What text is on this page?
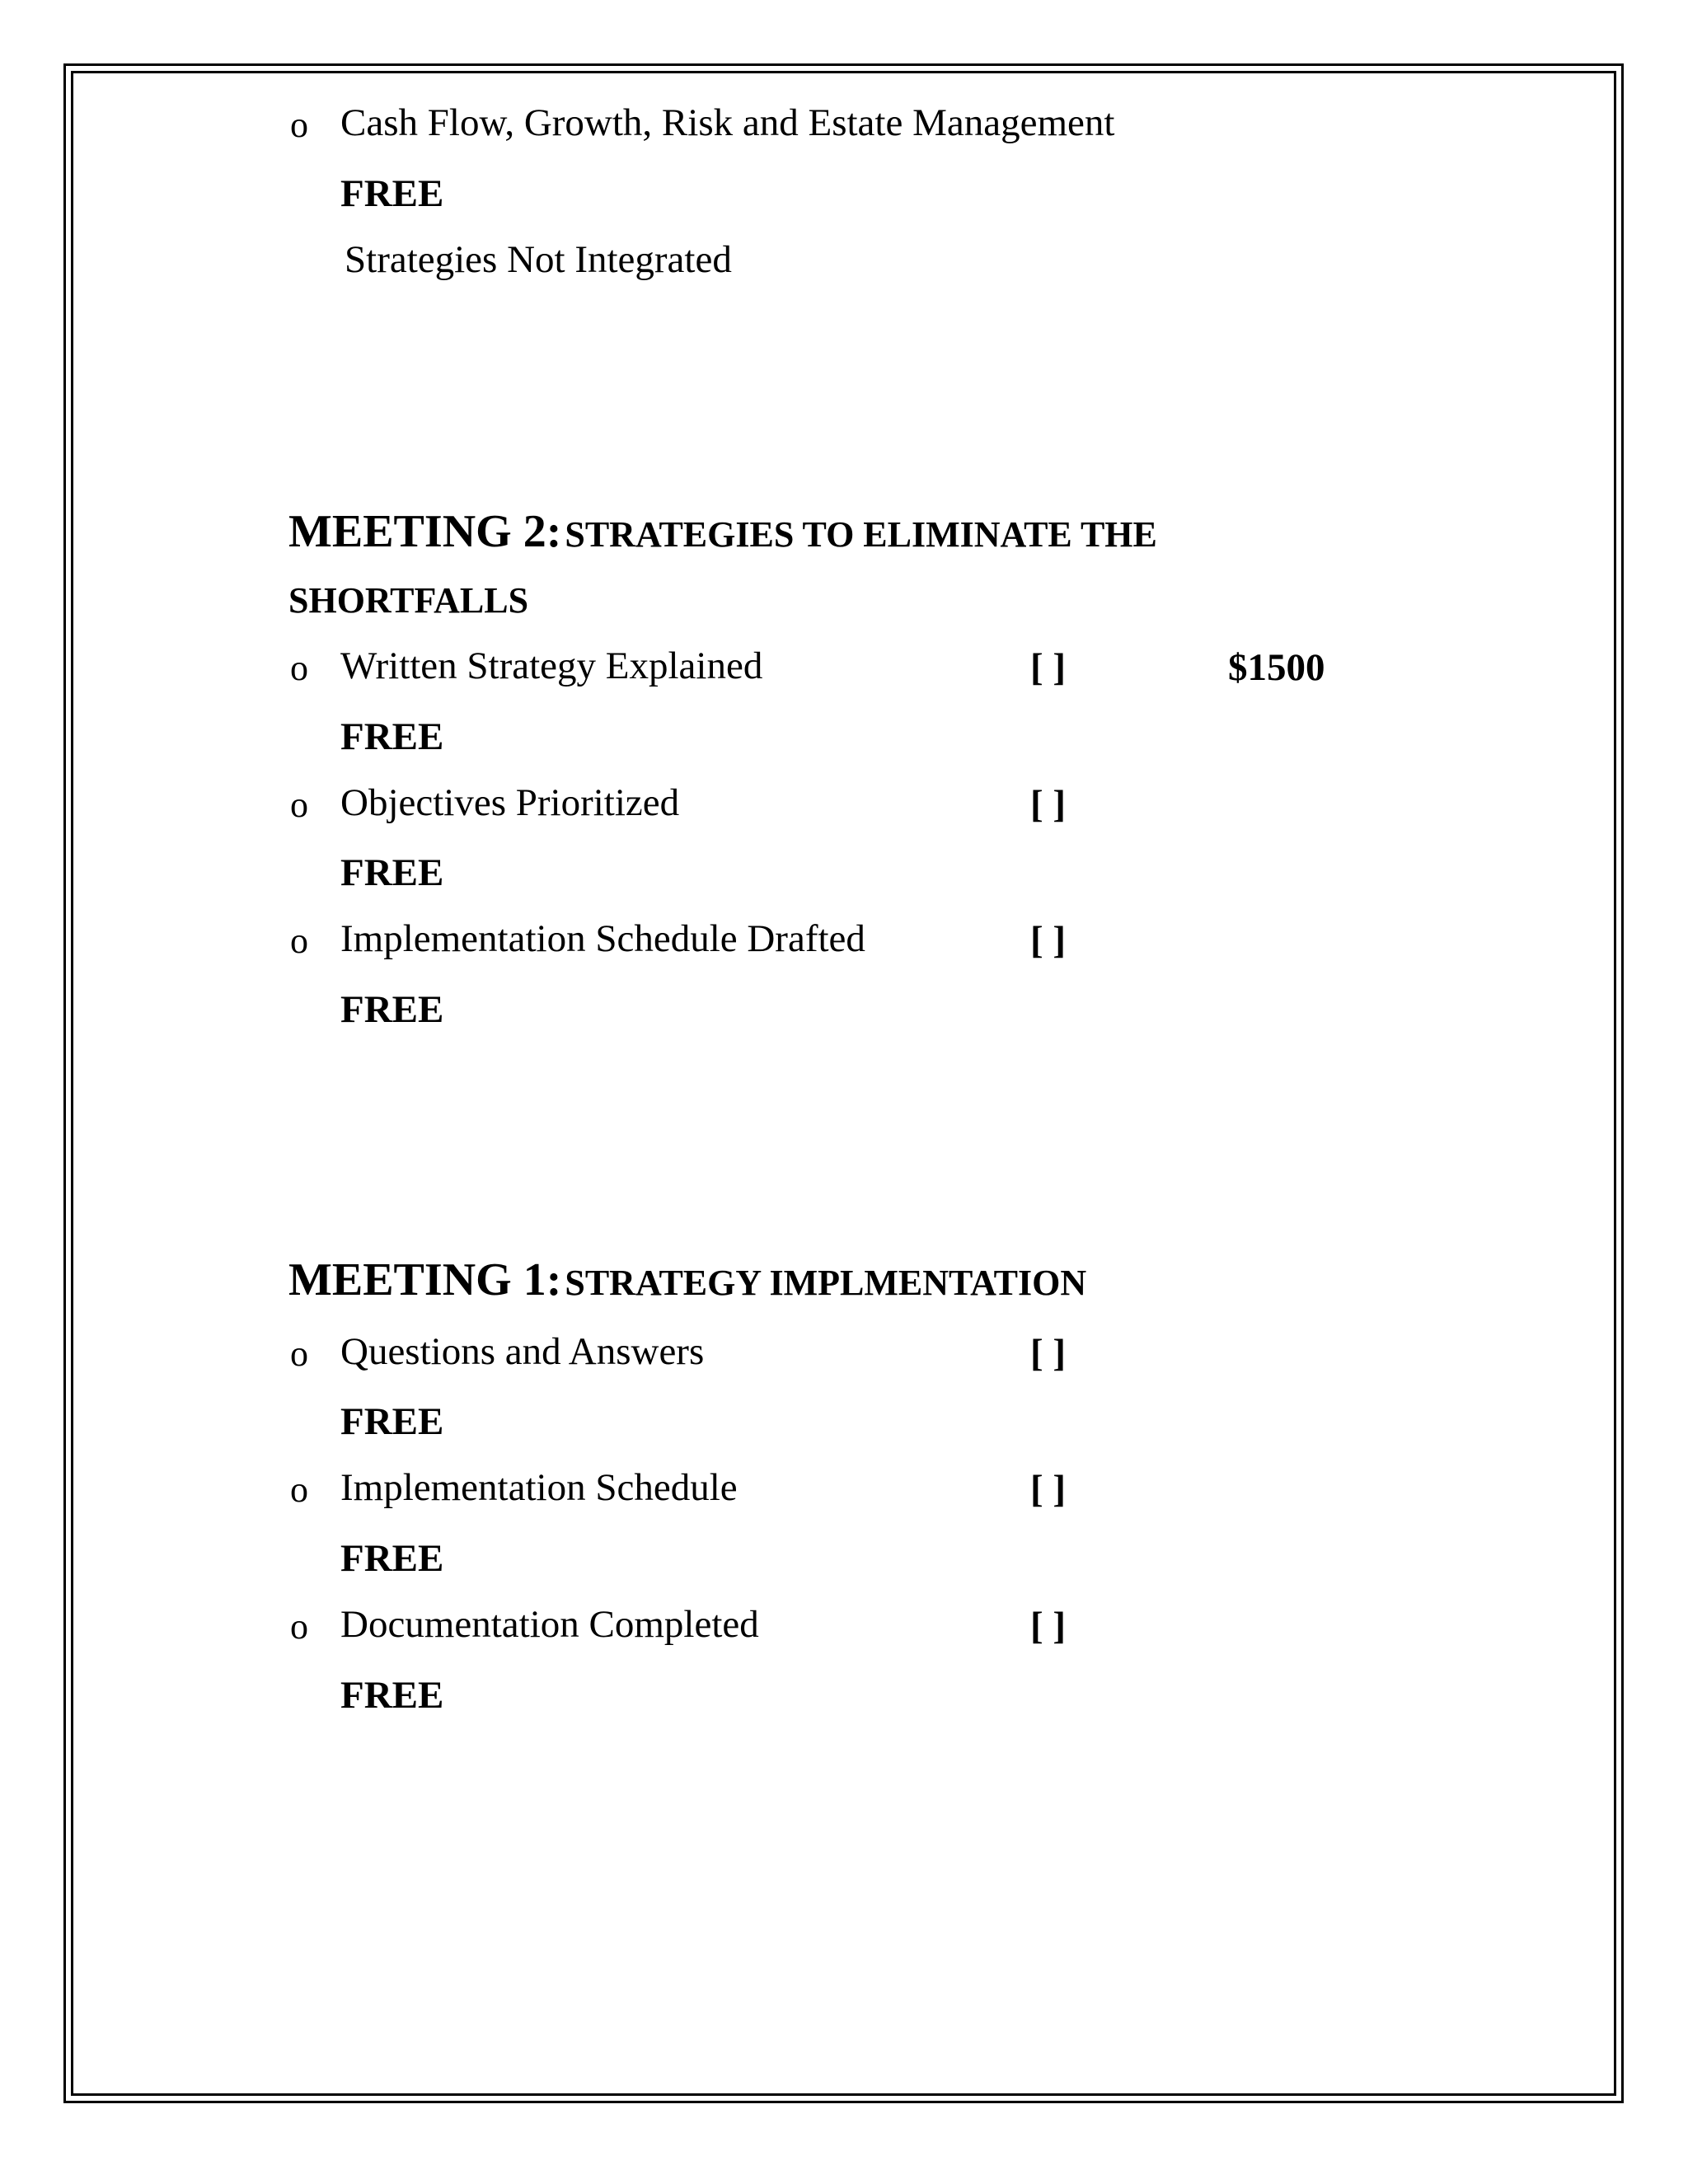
o Cash Flow, Growth, Risk and Estate Management
FREE
Strategies Not Integrated
MEETING 2: STRATEGIES TO ELIMINATE THE
SHORTFALLS
o Written Strategy Explained	[ ]	$1500
FREE
o Objectives Prioritized	[ ]
FREE
o Implementation Schedule Drafted	[ ]
FREE
MEETING 1: STRATEGY IMPLMENTATION
o Questions and Answers	[ ]
FREE
o Implementation Schedule	[ ]
FREE
o Documentation Completed	[ ]
FREE
